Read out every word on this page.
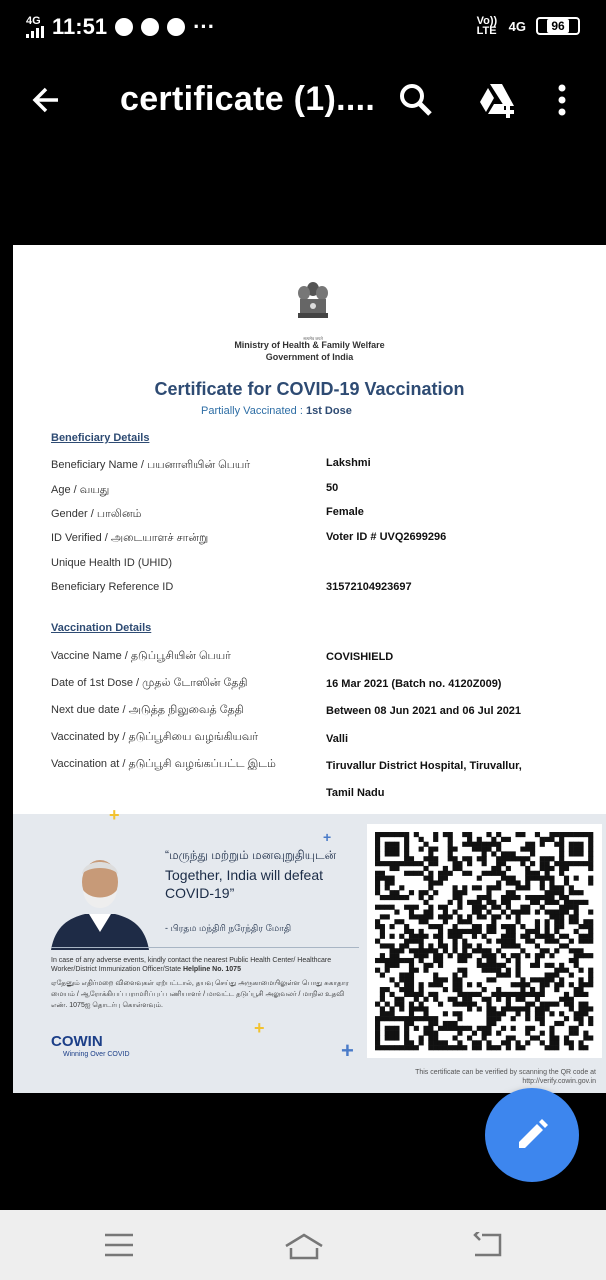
4G 11:51	···	Vo)) LTE 4G	96
certificate (1)....
सत्यमेव जयते
Ministry of Health & Family Welfare
Government of India
Certificate for COVID-19 Vaccination
Partially Vaccinated : 1st Dose
Beneficiary Details
Beneficiary Name / பயனாளியின் பெயர்	Lakshmi
Age / வயது	50
Gender / பாலினம்	Female
ID Verified / அடையாளச் சான்று	Voter ID # UVQ2699296
Unique Health ID (UHID)
Beneficiary Reference ID	31572104923697
Vaccination Details
Vaccine Name / தடுப்பூசியின் பெயர்	COVISHIELD
Date of 1st Dose / முதல் டோஸின் தேதி	16 Mar 2021 (Batch no. 4120Z009)
Next due date / அடுத்த நிலுவைத் தேதி	Between 08 Jun 2021 and 06 Jul 2021
Vaccinated by / தடுப்பூசியை வழங்கியவர்	Valli
Vaccination at / தடுப்பூசி வழங்கப்பட்ட இடம்	Tiruvallur District Hospital, Tiruvallur,
Tamil Nadu
+
+
+
+
“மருந்து மற்றும் மனவுறுதியுடன்
Together, India will defeat COVID-19”
- பிரதம மந்திரி நரேந்திர மோதி
In case of any adverse events, kindly contact the nearest Public Health Center/ Healthcare Worker/District Immunization Officer/State Helpline No. 1075
ஏதேனும் எதிர்மறை விளைவுகள் ஏற்பட்டால், தயவு செய்து அருகாமையிலுள்ள பொது சுகாதார மையம் / ஆரோக்கியப் பராமரிப்புப் பணியாளர் / மாவட்ட தடுப்பூசி அலுவலர் / மாநில உதவி எண். 1075ஐ தொடர்பு கொள்ளவும்.
COWIN
Winning Over COVID
This certificate can be verified by scanning the QR code at http://verify.cowin.gov.in
